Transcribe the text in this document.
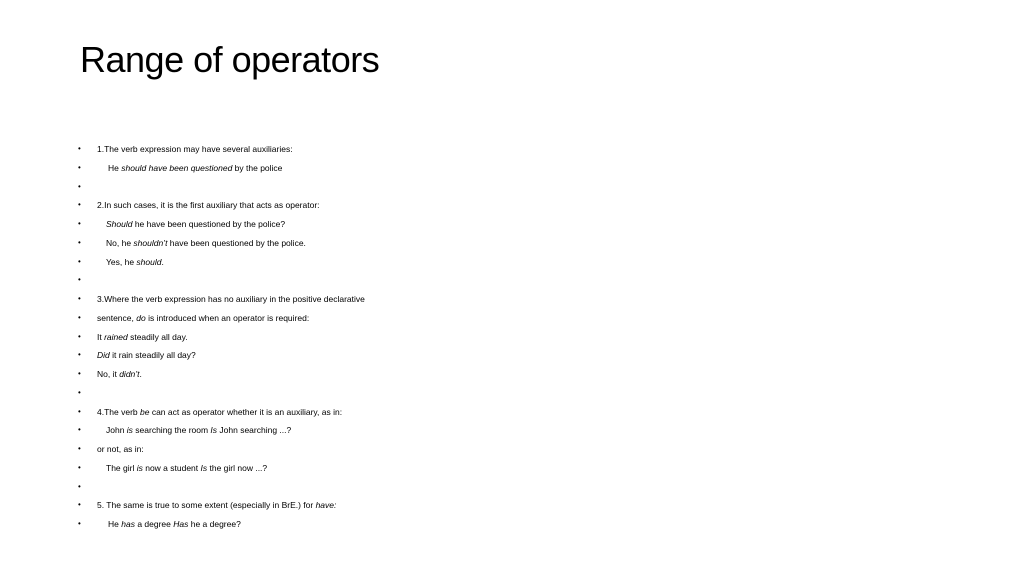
Range of operators
• 1.The verb expression may have several auxiliaries:
•	He should have been questioned by the police
•
• 2.In such cases, it is the first auxiliary that acts as operator:
•	Should he have been questioned by the police?
•	No, he shouldn’t have been questioned by the police.
•	Yes, he should.
•
• 3.Where the verb expression has no auxiliary in the positive declarative
• sentence, do is introduced when an operator is required:
• It rained steadily all day.
• Did it rain steadily all day?
• No, it didn’t.
•
• 4.The verb be can act as operator whether it is an auxiliary, as in:
•	John is searching the room Is John searching ...?
• or not, as in:
•	The girl is now a student Is the girl now ...?
•
• 5. The same is true to some extent (especially in BrE.) for have:
•	He has a degree Has he a degree?
